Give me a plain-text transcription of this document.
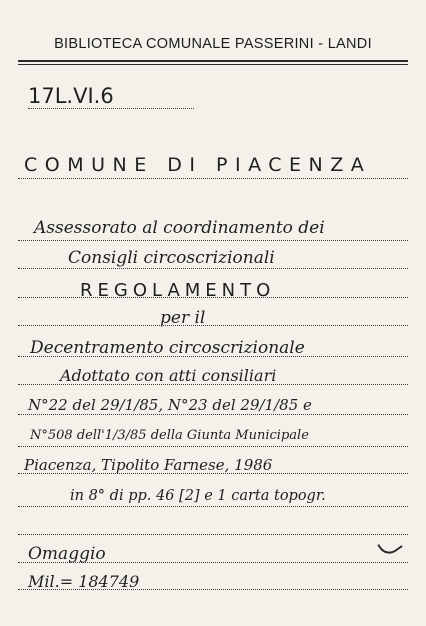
BIBLIOTECA COMUNALE PASSERINI - LANDI
17L.VI.6
COMUNE DI PIACENZA
Assessorato al coordinamento dei
Consigli circoscrizionali
REGOLAMENTO
per il
Decentramento circoscrizionale
Adottato con atti consiliari
N°22 del 29/1/85, N°23 del 29/1/85 e
N°508 dell'1/3/85 della Giunta Municipale
Piacenza, Tipolito Farnese, 1986
in 8° di pp. 46 [2] e 1 carta topogr.
Omaggio
Mil.= 184749
